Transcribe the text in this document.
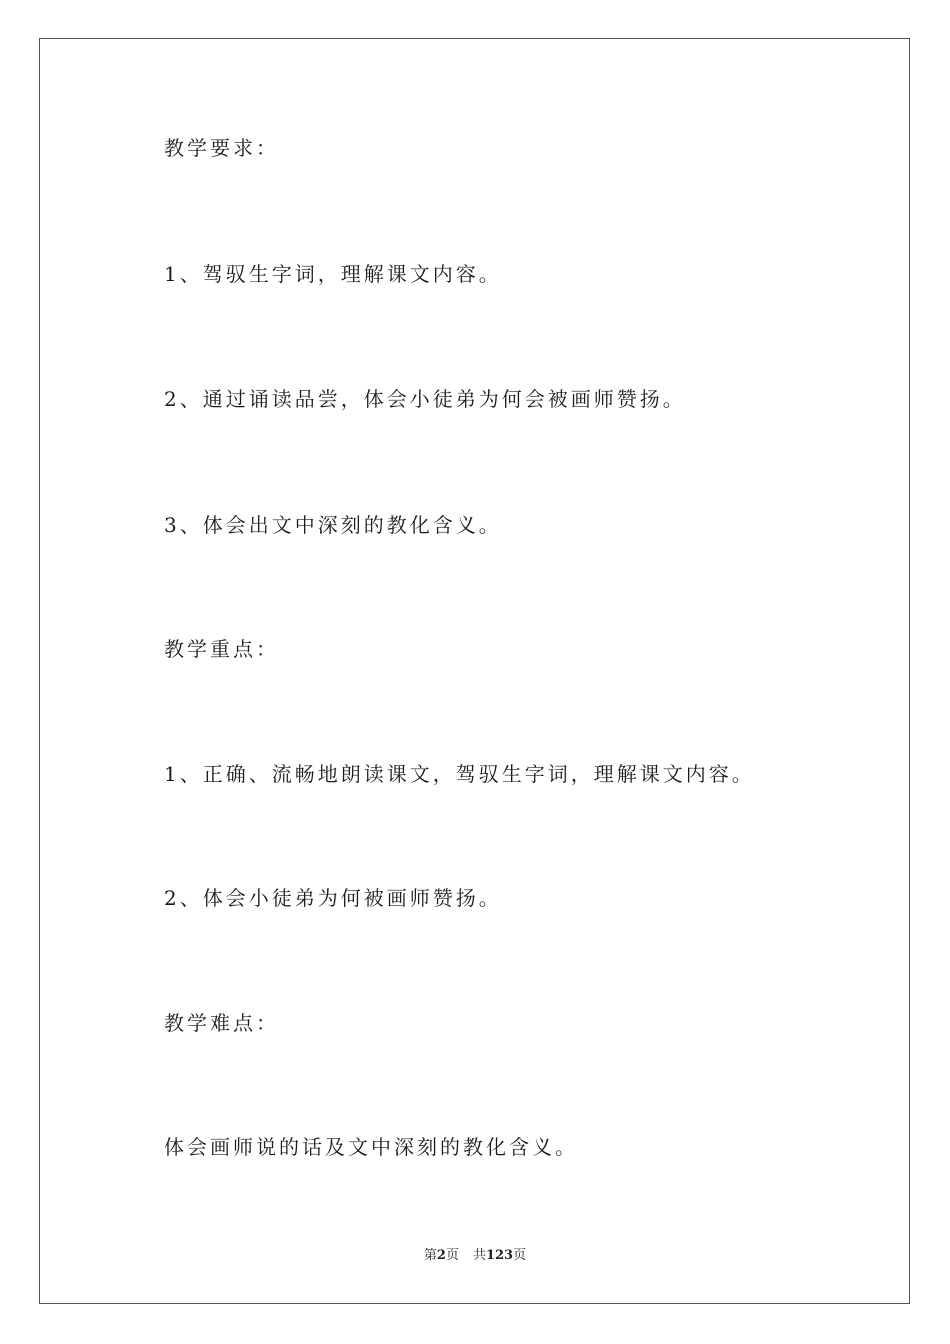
教学要求：
1、驾驭生字词，理解课文内容。
2、通过诵读品尝，体会小徒弟为何会被画师赞扬。
3、体会出文中深刻的教化含义。
教学重点：
1、正确、流畅地朗读课文，驾驭生字词，理解课文内容。
2、体会小徒弟为何被画师赞扬。
教学难点：
体会画师说的话及文中深刻的教化含义。
第2页 共123页
